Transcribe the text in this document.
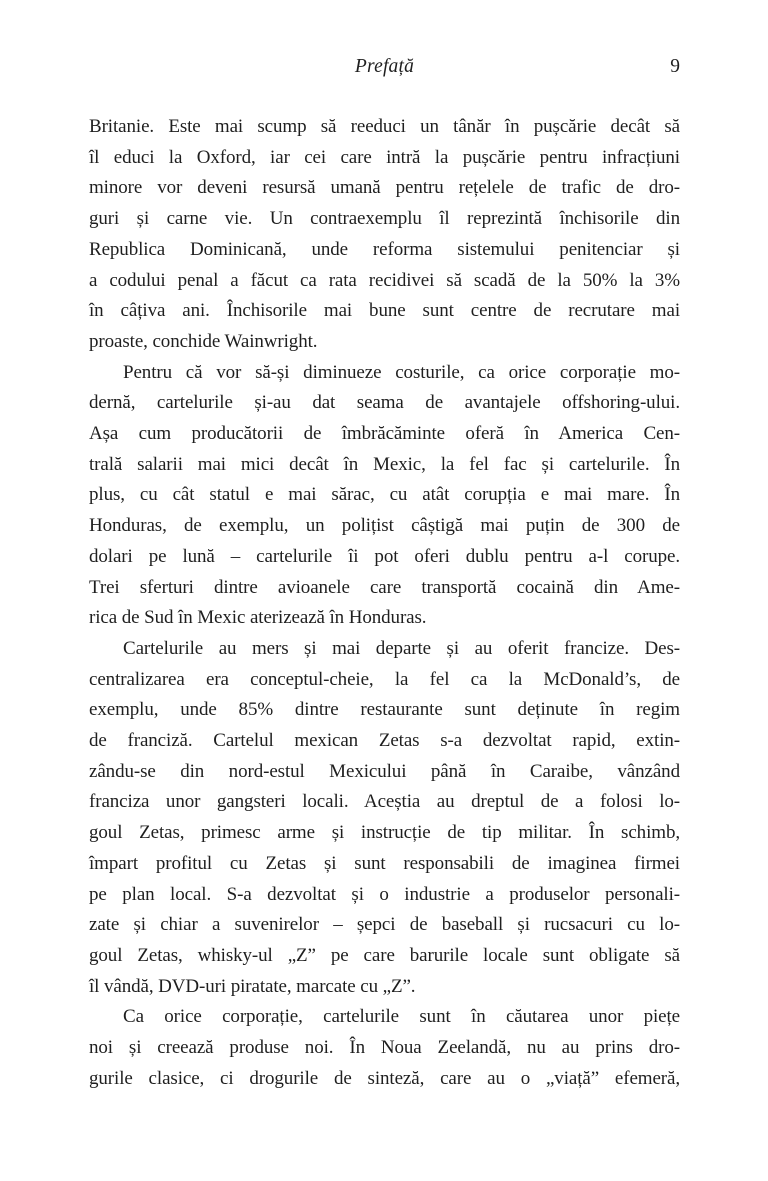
Prefață	9
Britanie. Este mai scump să reeduci un tânăr în pușcărie decât să
îl educi la Oxford, iar cei care intră la pușcărie pentru infracțiuni
minore vor deveni resursă umană pentru rețelele de trafic de dro-
guri și carne vie. Un contraexemplu îl reprezintă închisorile din
Republica Dominicană, unde reforma sistemului penitenciar și
a codului penal a făcut ca rata recidivei să scadă de la 50% la 3%
în câțiva ani. Închisorile mai bune sunt centre de recrutare mai
proaste, conchide Wainwright.
Pentru că vor să-și diminueze costurile, ca orice corporație mo-
dernă, cartelurile și-au dat seama de avantajele offshoring-ului.
Așa cum producătorii de îmbrăcăminte oferă în America Cen-
trală salarii mai mici decât în Mexic, la fel fac și cartelurile. În
plus, cu cât statul e mai sărac, cu atât corupția e mai mare. În
Honduras, de exemplu, un polițist câștigă mai puțin de 300 de
dolari pe lună – cartelurile îi pot oferi dublu pentru a-l corupe.
Trei sferturi dintre avioanele care transportă cocaină din Ame-
rica de Sud în Mexic aterizează în Honduras.
Cartelurile au mers și mai departe și au oferit francize. Des-
centralizarea era conceptul-cheie, la fel ca la McDonald’s, de
exemplu, unde 85% dintre restaurante sunt deținute în regim
de franciză. Cartelul mexican Zetas s-a dezvoltat rapid, extin-
zându-se din nord-estul Mexicului până în Caraibe, vânzând
franciza unor gangsteri locali. Aceștia au dreptul de a folosi lo-
goul Zetas, primesc arme și instrucție de tip militar. În schimb,
împart profitul cu Zetas și sunt responsabili de imaginea firmei
pe plan local. S-a dezvoltat și o industrie a produselor personali-
zate și chiar a suvenirelor – șepci de baseball și rucsacuri cu lo-
goul Zetas, whisky-ul „Z” pe care barurile locale sunt obligate să
îl vândă, DVD-uri piratate, marcate cu „Z”.
Ca orice corporație, cartelurile sunt în căutarea unor piețe
noi și creează produse noi. În Noua Zeelandă, nu au prins dro-
gurile clasice, ci drogurile de sinteză, care au o „viață” efemeră,
